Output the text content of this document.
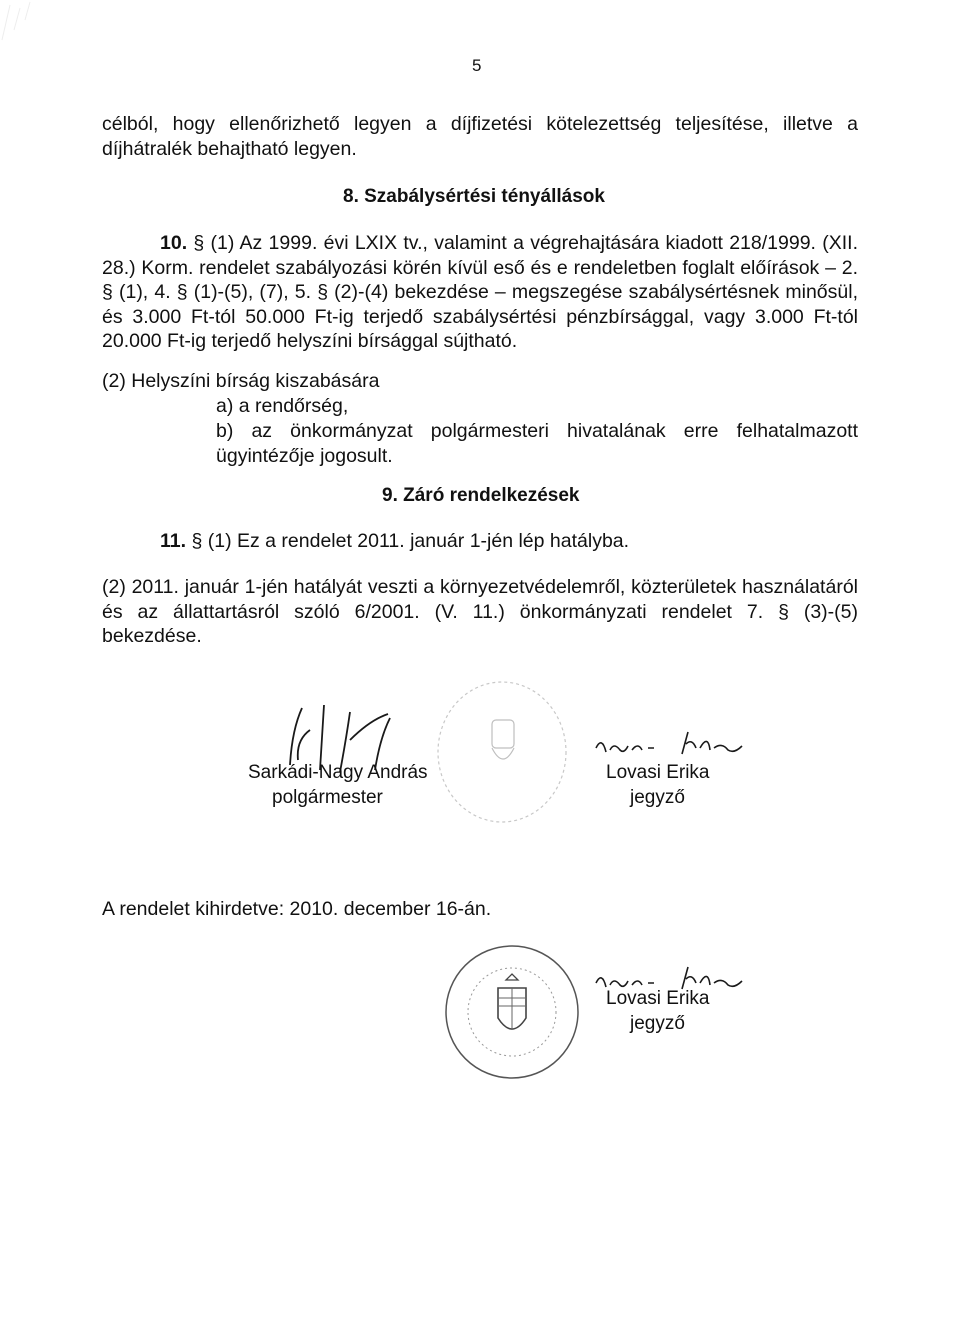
5
célból, hogy ellenőrizhető legyen a díjfizetési kötelezettség teljesítése, illetve a díjhátralék behajtható legyen.
8. Szabálysértési tényállások
10. § (1) Az 1999. évi LXIX tv., valamint a végrehajtására kiadott 218/1999. (XII. 28.) Korm. rendelet szabályozási körén kívül eső és e rendeletben foglalt előírások – 2. § (1), 4. § (1)-(5), (7), 5. § (2)-(4) bekezdése – megszegése szabálysértésnek minősül, és 3.000 Ft-tól 50.000 Ft-ig terjedő szabálysértési pénzbírsággal, vagy 3.000 Ft-tól 20.000 Ft-ig terjedő helyszíni bírsággal sújtható.
(2) Helyszíni bírság kiszabására
a) a rendőrség,
b) az önkormányzat polgármesteri hivatalának erre felhatalmazott ügyintézője jogosult.
9. Záró rendelkezések
11. § (1) Ez a rendelet 2011. január 1-jén lép hatályba.
(2) 2011. január 1-jén hatályát veszti a környezetvédelemről, közterületek használatáról és az állattartásról szóló 6/2001. (V. 11.) önkormányzati rendelet 7. § (3)-(5) bekezdése.
Sarkádi-Nagy András
polgármester
Lovasi Erika
jegyző
A rendelet kihirdetve: 2010. december 16-án.
Lovasi Erika
jegyző
